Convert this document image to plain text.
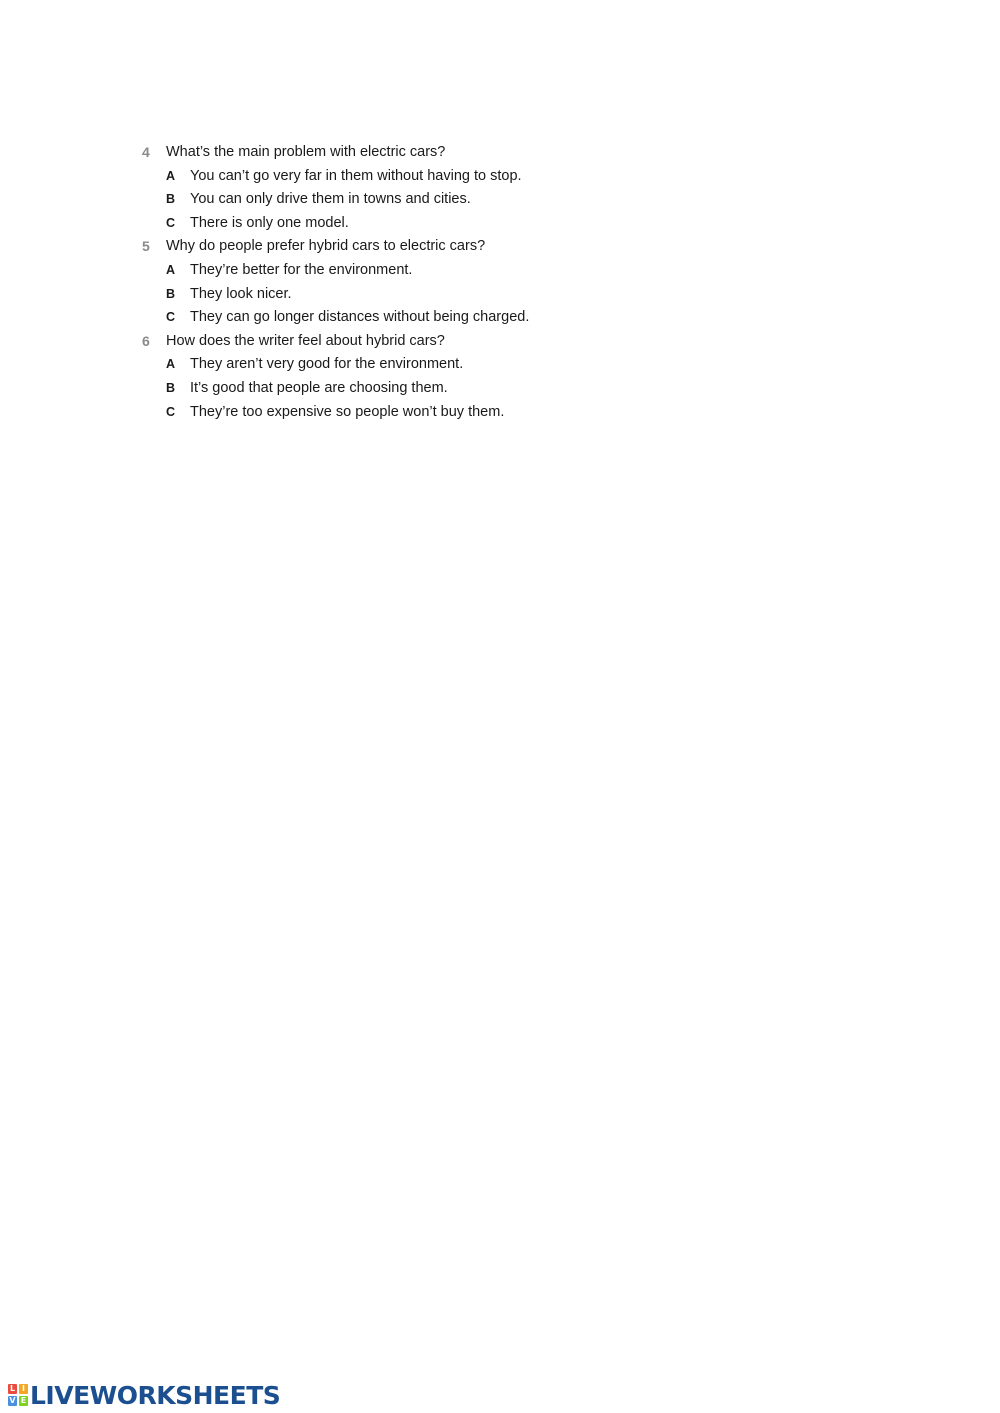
4 What’s the main problem with electric cars?
A You can’t go very far in them without having to stop.
B You can only drive them in towns and cities.
C There is only one model.
5 Why do people prefer hybrid cars to electric cars?
A They’re better for the environment.
B They look nicer.
C They can go longer distances without being charged.
6 How does the writer feel about hybrid cars?
A They aren’t very good for the environment.
B It’s good that people are choosing them.
C They’re too expensive so people won’t buy them.
L I
V E LIVEWORKSHEETS
